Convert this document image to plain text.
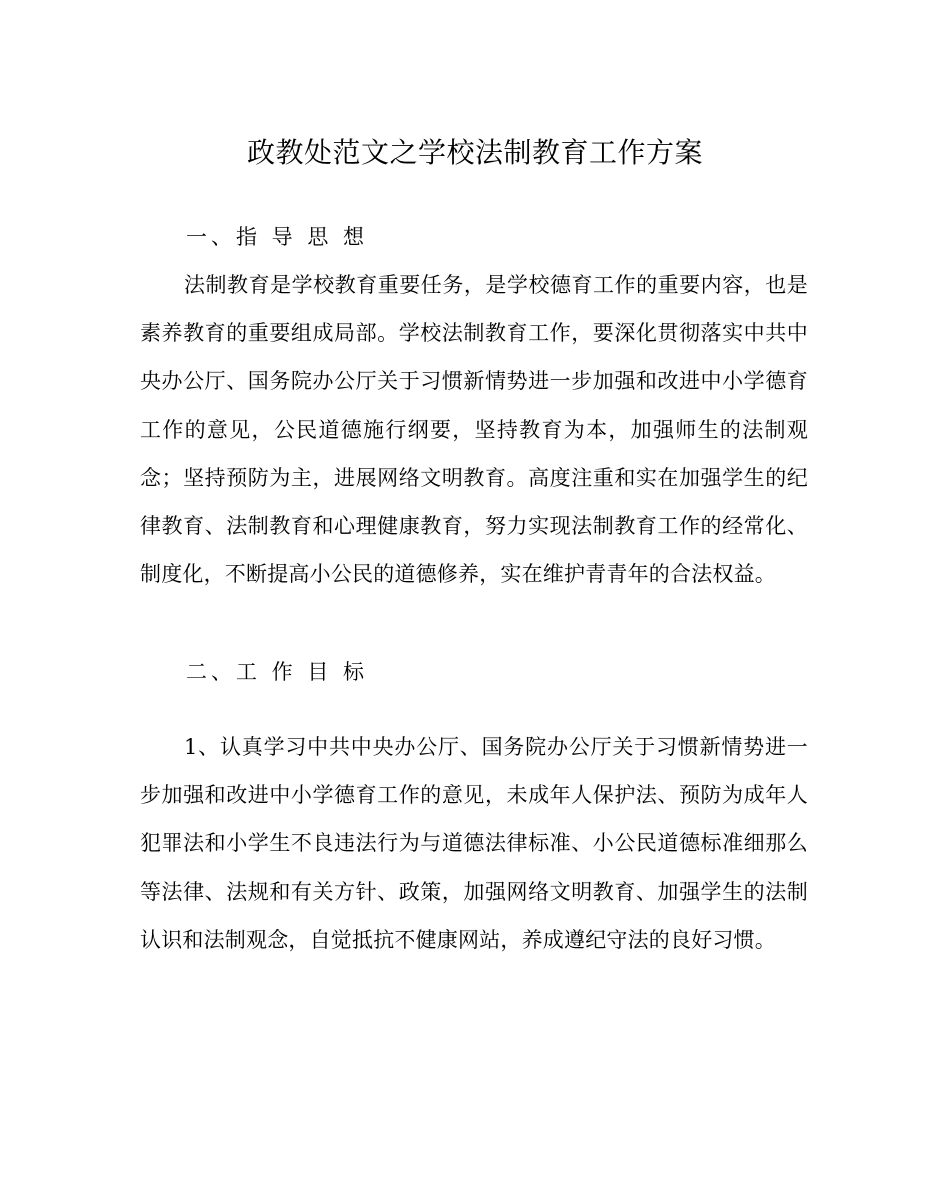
政教处范文之学校法制教育工作方案
一、指 导 思 想
法制教育是学校教育重要任务，是学校德育工作的重要内容，也是素养教育的重要组成局部。学校法制教育工作，要深化贯彻落实中共中央办公厅、国务院办公厅关于习惯新情势进一步加强和改进中小学德育工作的意见，公民道德施行纲要，坚持教育为本，加强师生的法制观念；坚持预防为主，进展网络文明教育。高度注重和实在加强学生的纪律教育、法制教育和心理健康教育，努力实现法制教育工作的经常化、制度化，不断提高小公民的道德修养，实在维护青青年的合法权益。
二、工 作 目 标
1、认真学习中共中央办公厅、国务院办公厅关于习惯新情势进一步加强和改进中小学德育工作的意见，未成年人保护法、预防为成年人犯罪法和小学生不良违法行为与道德法律标准、小公民道德标准细那么等法律、法规和有关方针、政策，加强网络文明教育、加强学生的法制认识和法制观念，自觉抵抗不健康网站，养成遵纪守法的良好习惯。
